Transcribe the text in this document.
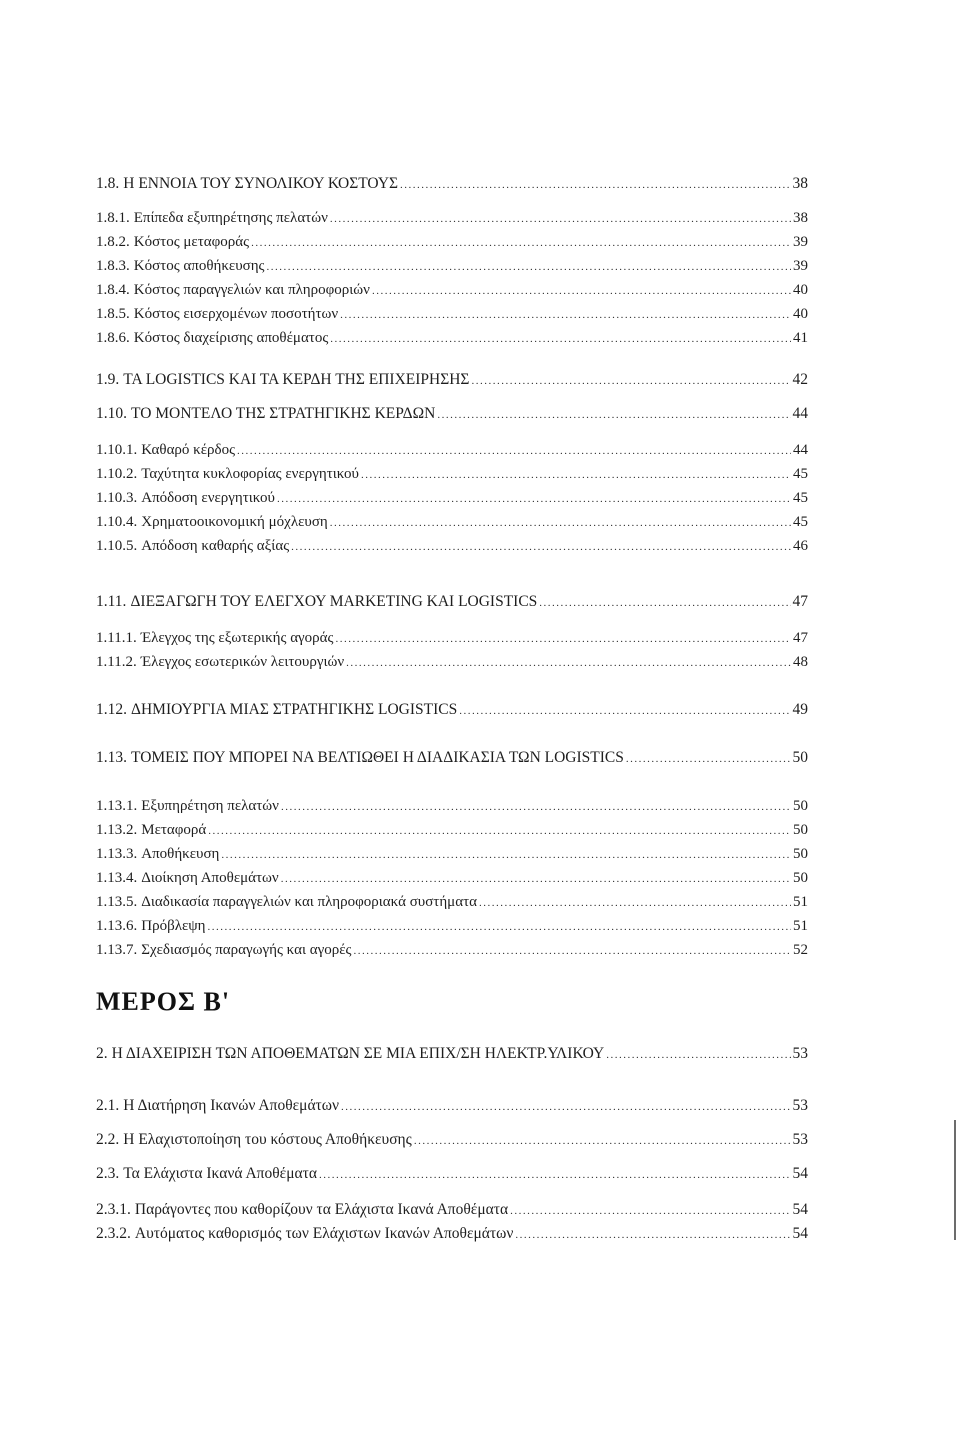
1.8. Η ΕΝΝΟΙΑ ΤΟΥ ΣΥΝΟΛΙΚΟΥ ΚΟΣΤΟΥΣ .....	38
1.8.1. Επίπεδα εξυπηρέτησης πελατών .....	38
1.8.2. Κόστος μεταφοράς .....	39
1.8.3. Κόστος αποθήκευσης .....	39
1.8.4. Κόστος παραγγελιών και πληροφοριών .....	40
1.8.5. Κόστος εισερχομένων ποσοτήτων .....	40
1.8.6. Κόστος διαχείρισης αποθέματος .....	41
1.9. ΤΑ LOGISTICS ΚΑΙ ΤΑ ΚΕΡΔΗ ΤΗΣ ΕΠΙΧΕΙΡΗΣΗΣ .....	42
1.10. ΤΟ ΜΟΝΤΕΛΟ ΤΗΣ ΣΤΡΑΤΗΓΙΚΗΣ ΚΕΡΔΩΝ .....	44
1.10.1. Καθαρό κέρδος .....	44
1.10.2. Ταχύτητα κυκλοφορίας ενεργητικού .....	45
1.10.3. Απόδοση ενεργητικού .....	45
1.10.4. Χρηματοοικονομική μόχλευση .....	45
1.10.5. Απόδοση καθαρής αξίας .....	46
1.11. ΔΙΕΞΑΓΩΓΗ ΤΟΥ ΕΛΕΓΧΟΥ MARKETING ΚΑΙ LOGISTICS .....	47
1.11.1. Έλεγχος της εξωτερικής αγοράς .....	47
1.11.2. Έλεγχος εσωτερικών λειτουργιών .....	48
1.12. ΔΗΜΙΟΥΡΓΙΑ ΜΙΑΣ ΣΤΡΑΤΗΓΙΚΗΣ LOGISTICS .....	49
1.13. ΤΟΜΕΙΣ ΠΟΥ ΜΠΟΡΕΙ ΝΑ ΒΕΛΤΙΩΘΕΙ Η ΔΙΑΔΙΚΑΣΙΑ ΤΩΝ LOGISTICS .....	50
1.13.1. Εξυπηρέτηση πελατών .....	50
1.13.2. Μεταφορά .....	50
1.13.3. Αποθήκευση .....	50
1.13.4. Διοίκηση Αποθεμάτων .....	50
1.13.5. Διαδικασία παραγγελιών και πληροφοριακά συστήματα .....	51
1.13.6. Πρόβλεψη .....	51
1.13.7. Σχεδιασμός παραγωγής και αγορές .....	52
2. Η ΔΙΑΧΕΙΡΙΣΗ ΤΩΝ ΑΠΟΘΕΜΑΤΩΝ ΣΕ ΜΙΑ ΕΠΙΧ/ΣΗ ΗΛΕΚΤΡ.ΥΛΙΚΟΥ .....	53
2.1. Η Διατήρηση Ικανών Αποθεμάτων .....	53
2.2. Η Ελαχιστοποίηση του κόστους Αποθήκευσης .....	53
2.3. Τα Ελάχιστα Ικανά Αποθέματα .....	54
2.3.1. Παράγοντες που καθορίζουν τα Ελάχιστα Ικανά Αποθέματα .....	54
2.3.2. Αυτόματος καθορισμός των Ελάχιστων Ικανών Αποθεμάτων .....	54
ΜΕΡΟΣ Β'
